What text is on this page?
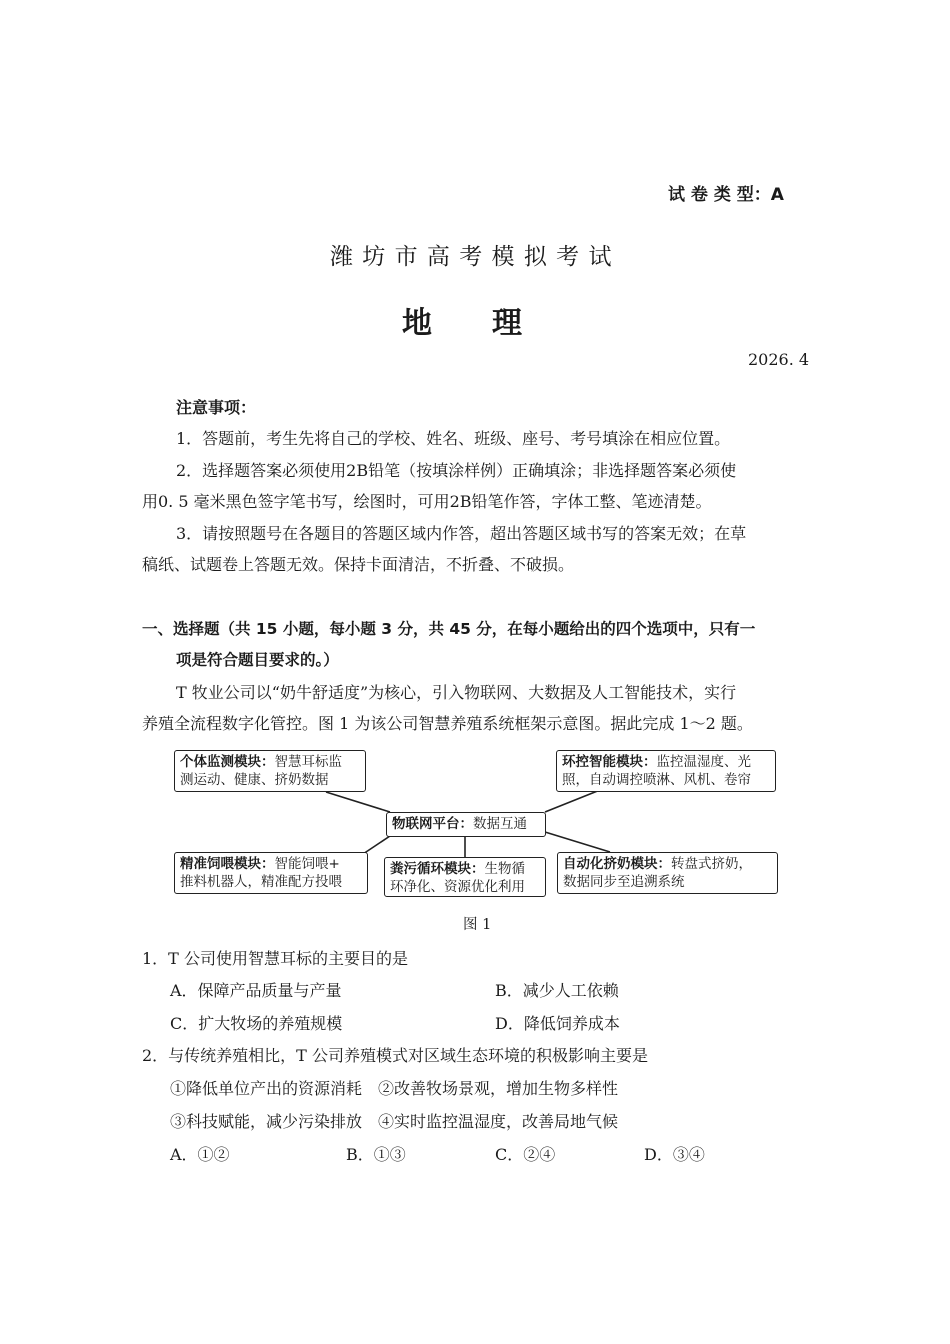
试 卷 类 型：A
潍 坊 市 高 考 模 拟 考 试
地　　理
2026. 4
注意事项：
1．答题前，考生先将自己的学校、姓名、班级、座号、考号填涂在相应位置。
2．选择题答案必须使用2B铅笔（按填涂样例）正确填涂；非选择题答案必须使
用0. 5 毫米黑色签字笔书写，绘图时，可用2B铅笔作答，字体工整、笔迹清楚。
3．请按照题号在各题目的答题区域内作答，超出答题区域书写的答案无效；在草
稿纸、试题卷上答题无效。保持卡面清洁，不折叠、不破损。
一、选择题（共 15 小题，每小题 3 分，共 45 分，在每小题给出的四个选项中，只有一
项是符合题目要求的。）
T 牧业公司以“奶牛舒适度”为核心，引入物联网、大数据及人工智能技术，实行
养殖全流程数字化管控。图 1 为该公司智慧养殖系统框架示意图。据此完成 1～2 题。
个体监测模块：智慧耳标监
测运动、健康、挤奶数据
环控智能模块：监控温湿度、光
照，自动调控喷淋、风机、卷帘
物联网平台：数据互通
精准饲喂模块：智能饲喂+
推料机器人，精准配方投喂
粪污循环模块：生物循
环净化、资源优化利用
自动化挤奶模块：转盘式挤奶，
数据同步至追溯系统
图 1
1．T 公司使用智慧耳标的主要目的是
A．保障产品质量与产量	B．减少人工依赖
C．扩大牧场的养殖规模	D．降低饲养成本
2．与传统养殖相比，T 公司养殖模式对区域生态环境的积极影响主要是
①降低单位产出的资源消耗　②改善牧场景观，增加生物多样性
③科技赋能，减少污染排放　④实时监控温湿度，改善局地气候
A．①②	B．①③	C．②④	D．③④
